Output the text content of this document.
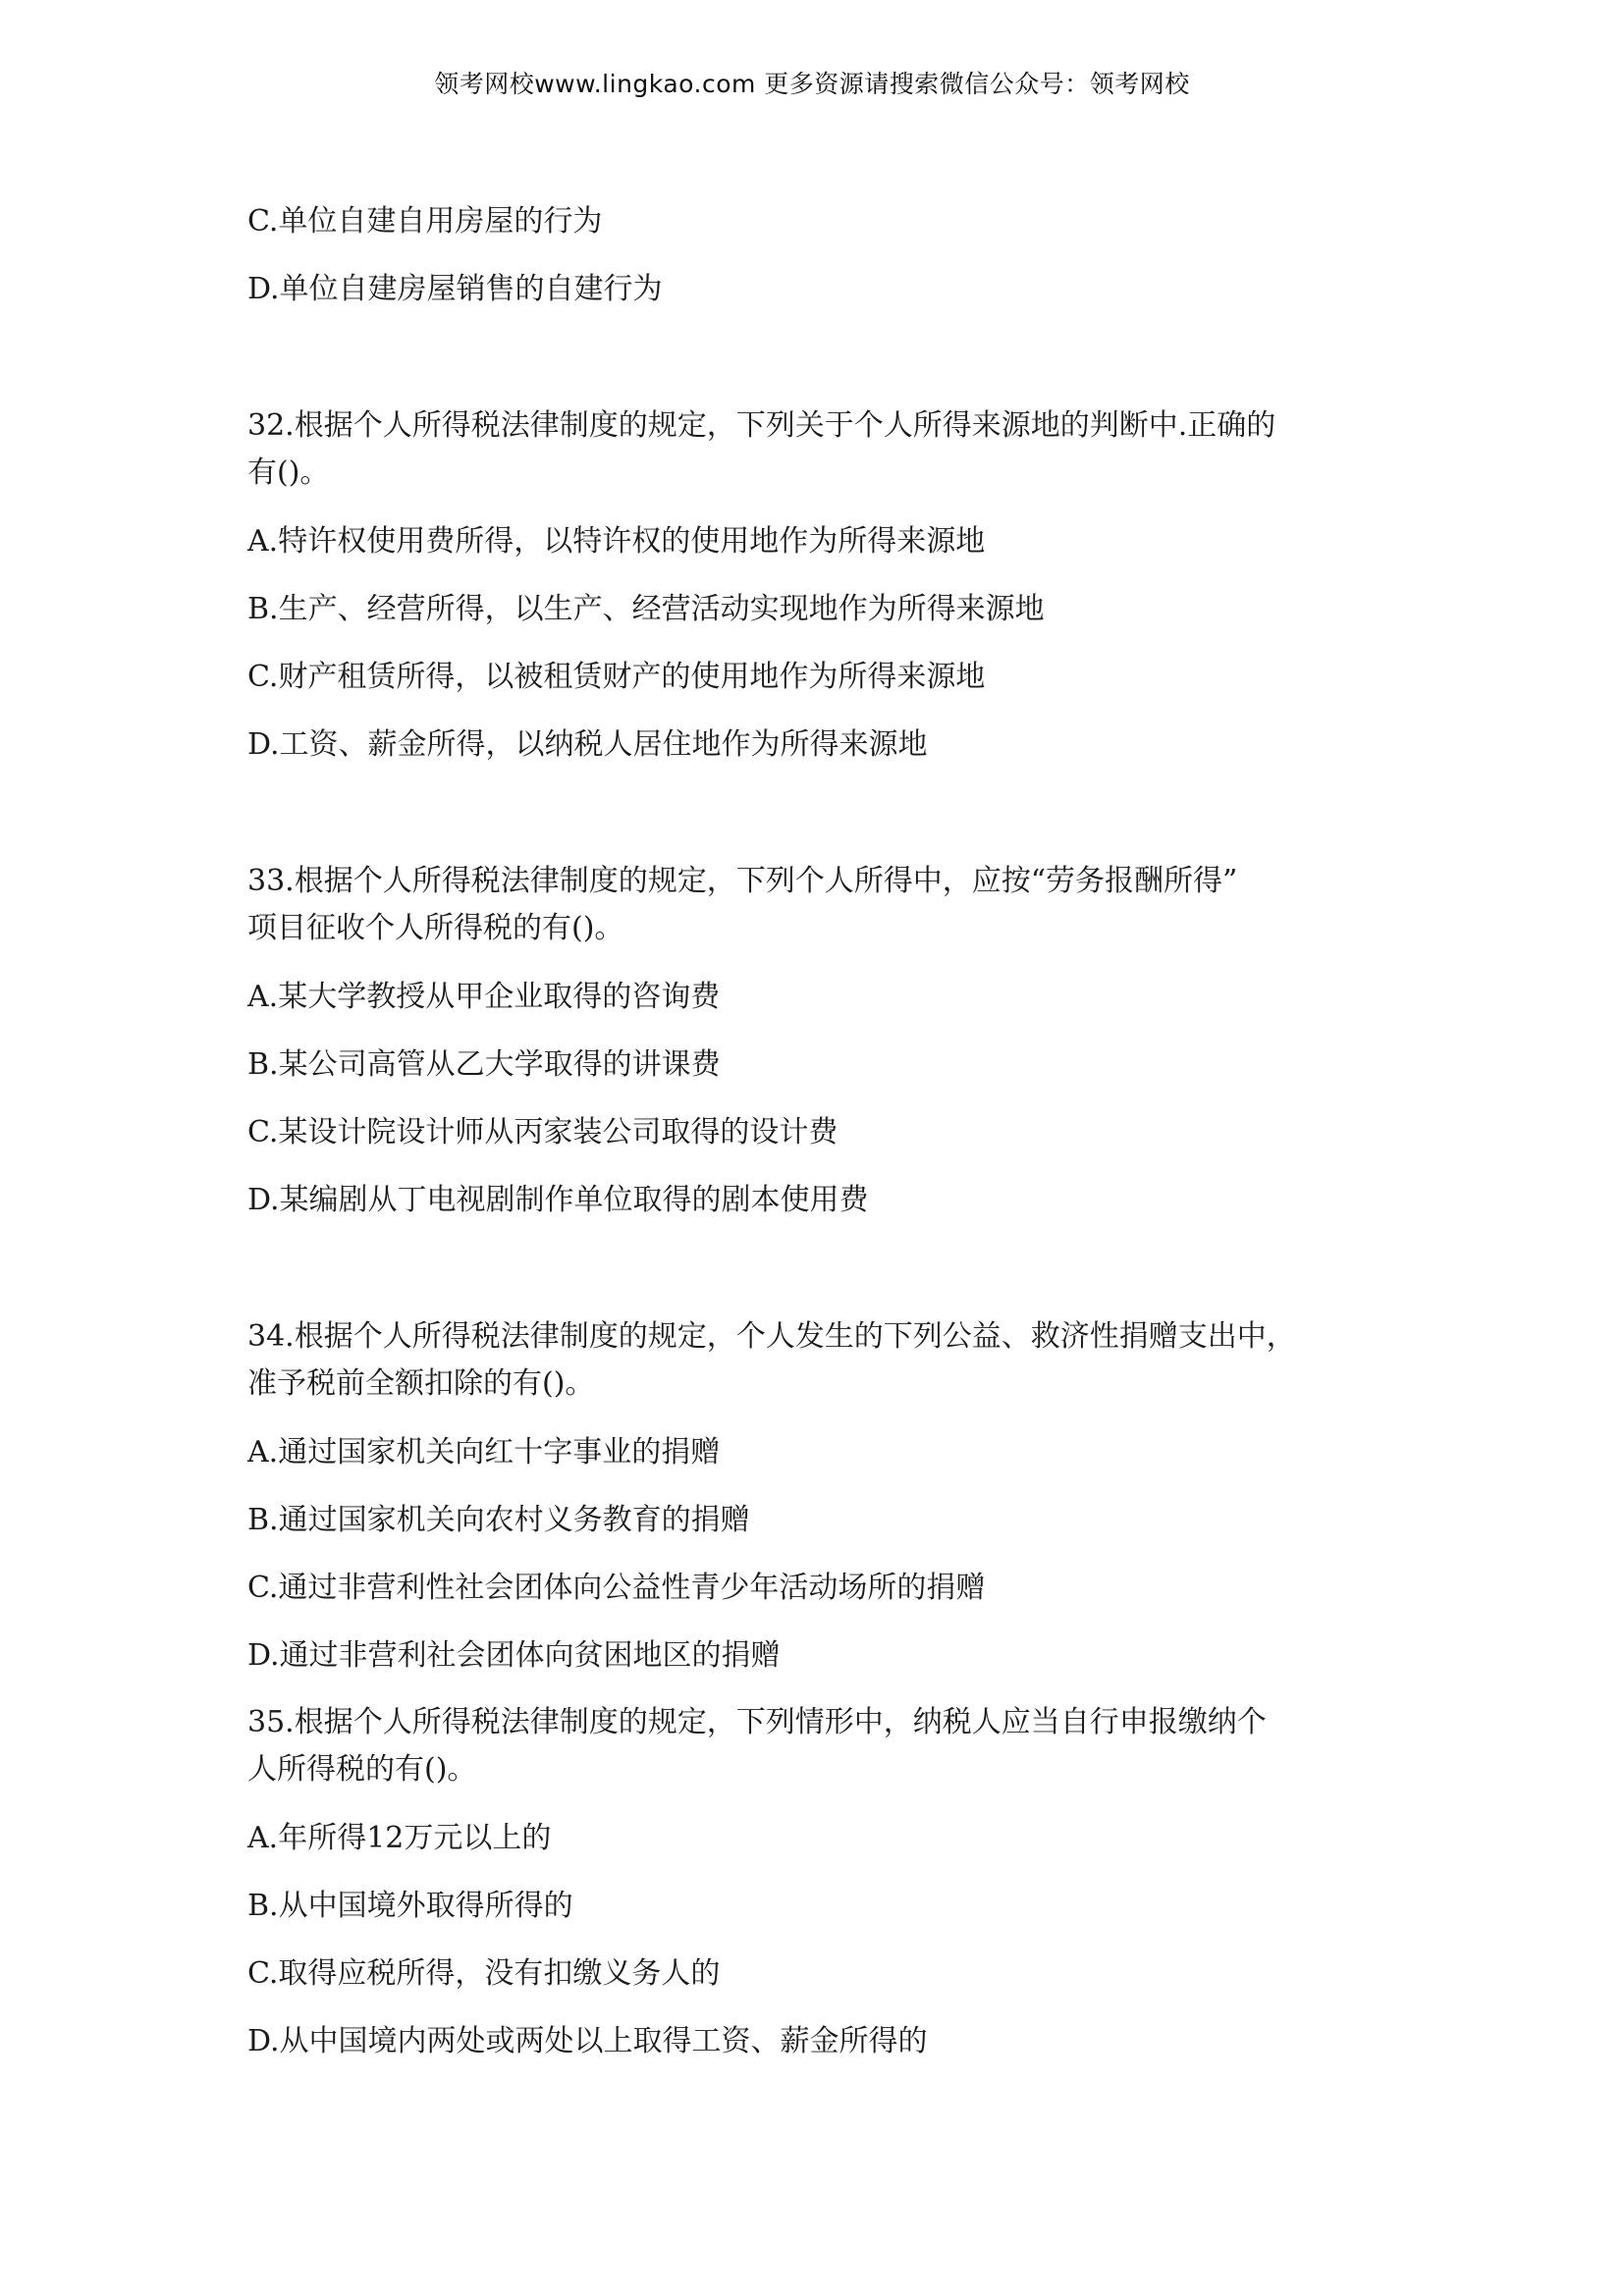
领考网校www.lingkao.com 更多资源请搜索微信公众号：领考网校
C.单位自建自用房屋的行为
D.单位自建房屋销售的自建行为
32.根据个人所得税法律制度的规定，下列关于个人所得来源地的判断中.正确的
有()。
A.特许权使用费所得，以特许权的使用地作为所得来源地
B.生产、经营所得，以生产、经营活动实现地作为所得来源地
C.财产租赁所得，以被租赁财产的使用地作为所得来源地
D.工资、薪金所得，以纳税人居住地作为所得来源地
33.根据个人所得税法律制度的规定，下列个人所得中，应按“劳务报酬所得”
项目征收个人所得税的有()。
A.某大学教授从甲企业取得的咨询费
B.某公司高管从乙大学取得的讲课费
C.某设计院设计师从丙家装公司取得的设计费
D.某编剧从丁电视剧制作单位取得的剧本使用费
34.根据个人所得税法律制度的规定，个人发生的下列公益、救济性捐赠支出中，
准予税前全额扣除的有()。
A.通过国家机关向红十字事业的捐赠
B.通过国家机关向农村义务教育的捐赠
C.通过非营利性社会团体向公益性青少年活动场所的捐赠
D.通过非营利社会团体向贫困地区的捐赠
35.根据个人所得税法律制度的规定，下列情形中，纳税人应当自行申报缴纳个
人所得税的有()。
A.年所得12万元以上的
B.从中国境外取得所得的
C.取得应税所得，没有扣缴义务人的
D.从中国境内两处或两处以上取得工资、薪金所得的
